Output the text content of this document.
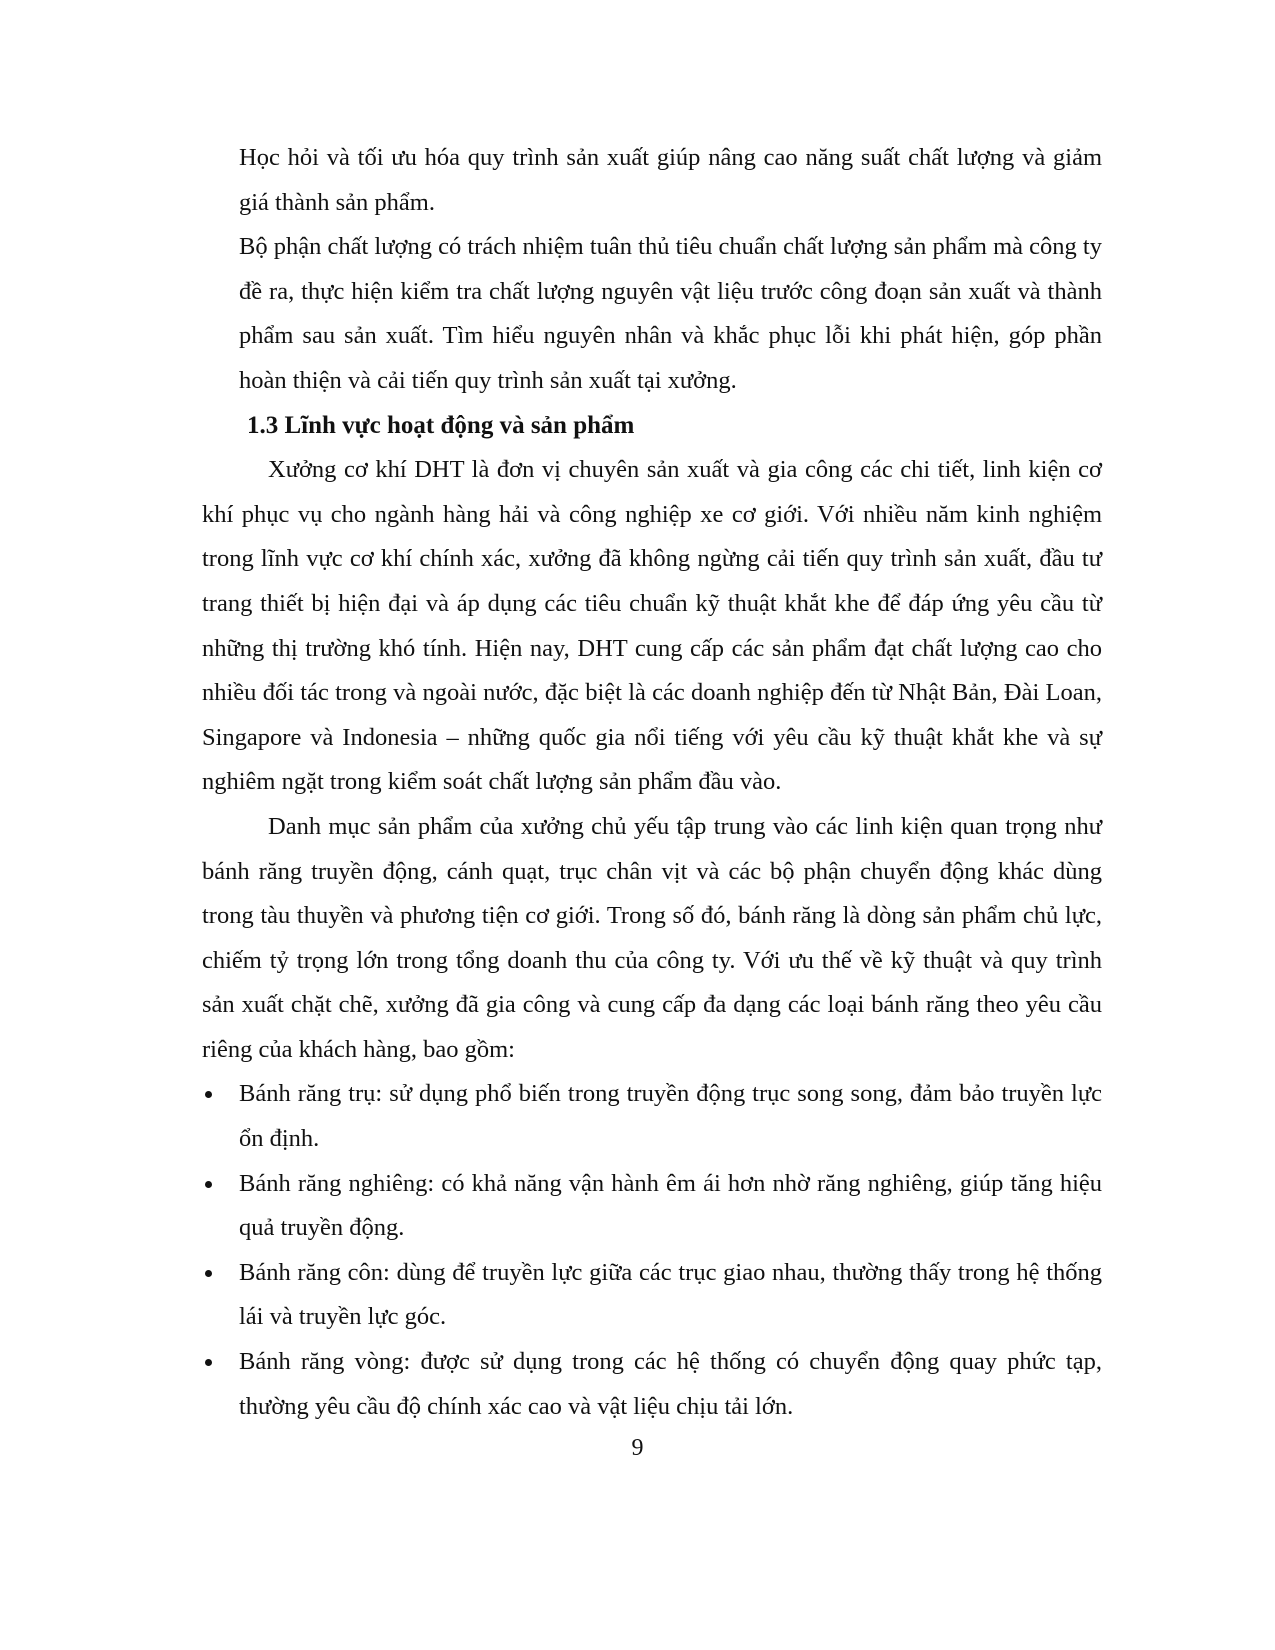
Học hỏi và tối ưu hóa quy trình sản xuất giúp nâng cao năng suất chất lượng và giảm giá thành sản phẩm.

Bộ phận chất lượng có trách nhiệm tuân thủ tiêu chuẩn chất lượng sản phẩm mà công ty đề ra, thực hiện kiểm tra chất lượng nguyên vật liệu trước công đoạn sản xuất và thành phẩm sau sản xuất. Tìm hiểu nguyên nhân và khắc phục lỗi khi phát hiện, góp phần hoàn thiện và cải tiến quy trình sản xuất tại xưởng.

1.3 Lĩnh vực hoạt động và sản phẩm

Xưởng cơ khí DHT là đơn vị chuyên sản xuất và gia công các chi tiết, linh kiện cơ khí phục vụ cho ngành hàng hải và công nghiệp xe cơ giới. Với nhiều năm kinh nghiệm trong lĩnh vực cơ khí chính xác, xưởng đã không ngừng cải tiến quy trình sản xuất, đầu tư trang thiết bị hiện đại và áp dụng các tiêu chuẩn kỹ thuật khắt khe để đáp ứng yêu cầu từ những thị trường khó tính. Hiện nay, DHT cung cấp các sản phẩm đạt chất lượng cao cho nhiều đối tác trong và ngoài nước, đặc biệt là các doanh nghiệp đến từ Nhật Bản, Đài Loan, Singapore và Indonesia – những quốc gia nổi tiếng với yêu cầu kỹ thuật khắt khe và sự nghiêm ngặt trong kiểm soát chất lượng sản phẩm đầu vào.

Danh mục sản phẩm của xưởng chủ yếu tập trung vào các linh kiện quan trọng như bánh răng truyền động, cánh quạt, trục chân vịt và các bộ phận chuyển động khác dùng trong tàu thuyền và phương tiện cơ giới. Trong số đó, bánh răng là dòng sản phẩm chủ lực, chiếm tỷ trọng lớn trong tổng doanh thu của công ty. Với ưu thế về kỹ thuật và quy trình sản xuất chặt chẽ, xưởng đã gia công và cung cấp đa dạng các loại bánh răng theo yêu cầu riêng của khách hàng, bao gồm:

Bánh răng trụ: sử dụng phổ biến trong truyền động trục song song, đảm bảo truyền lực ổn định.
Bánh răng nghiêng: có khả năng vận hành êm ái hơn nhờ răng nghiêng, giúp tăng hiệu quả truyền động.
Bánh răng côn: dùng để truyền lực giữa các trục giao nhau, thường thấy trong hệ thống lái và truyền lực góc.
Bánh răng vòng: được sử dụng trong các hệ thống có chuyển động quay phức tạp, thường yêu cầu độ chính xác cao và vật liệu chịu tải lớn.
9
